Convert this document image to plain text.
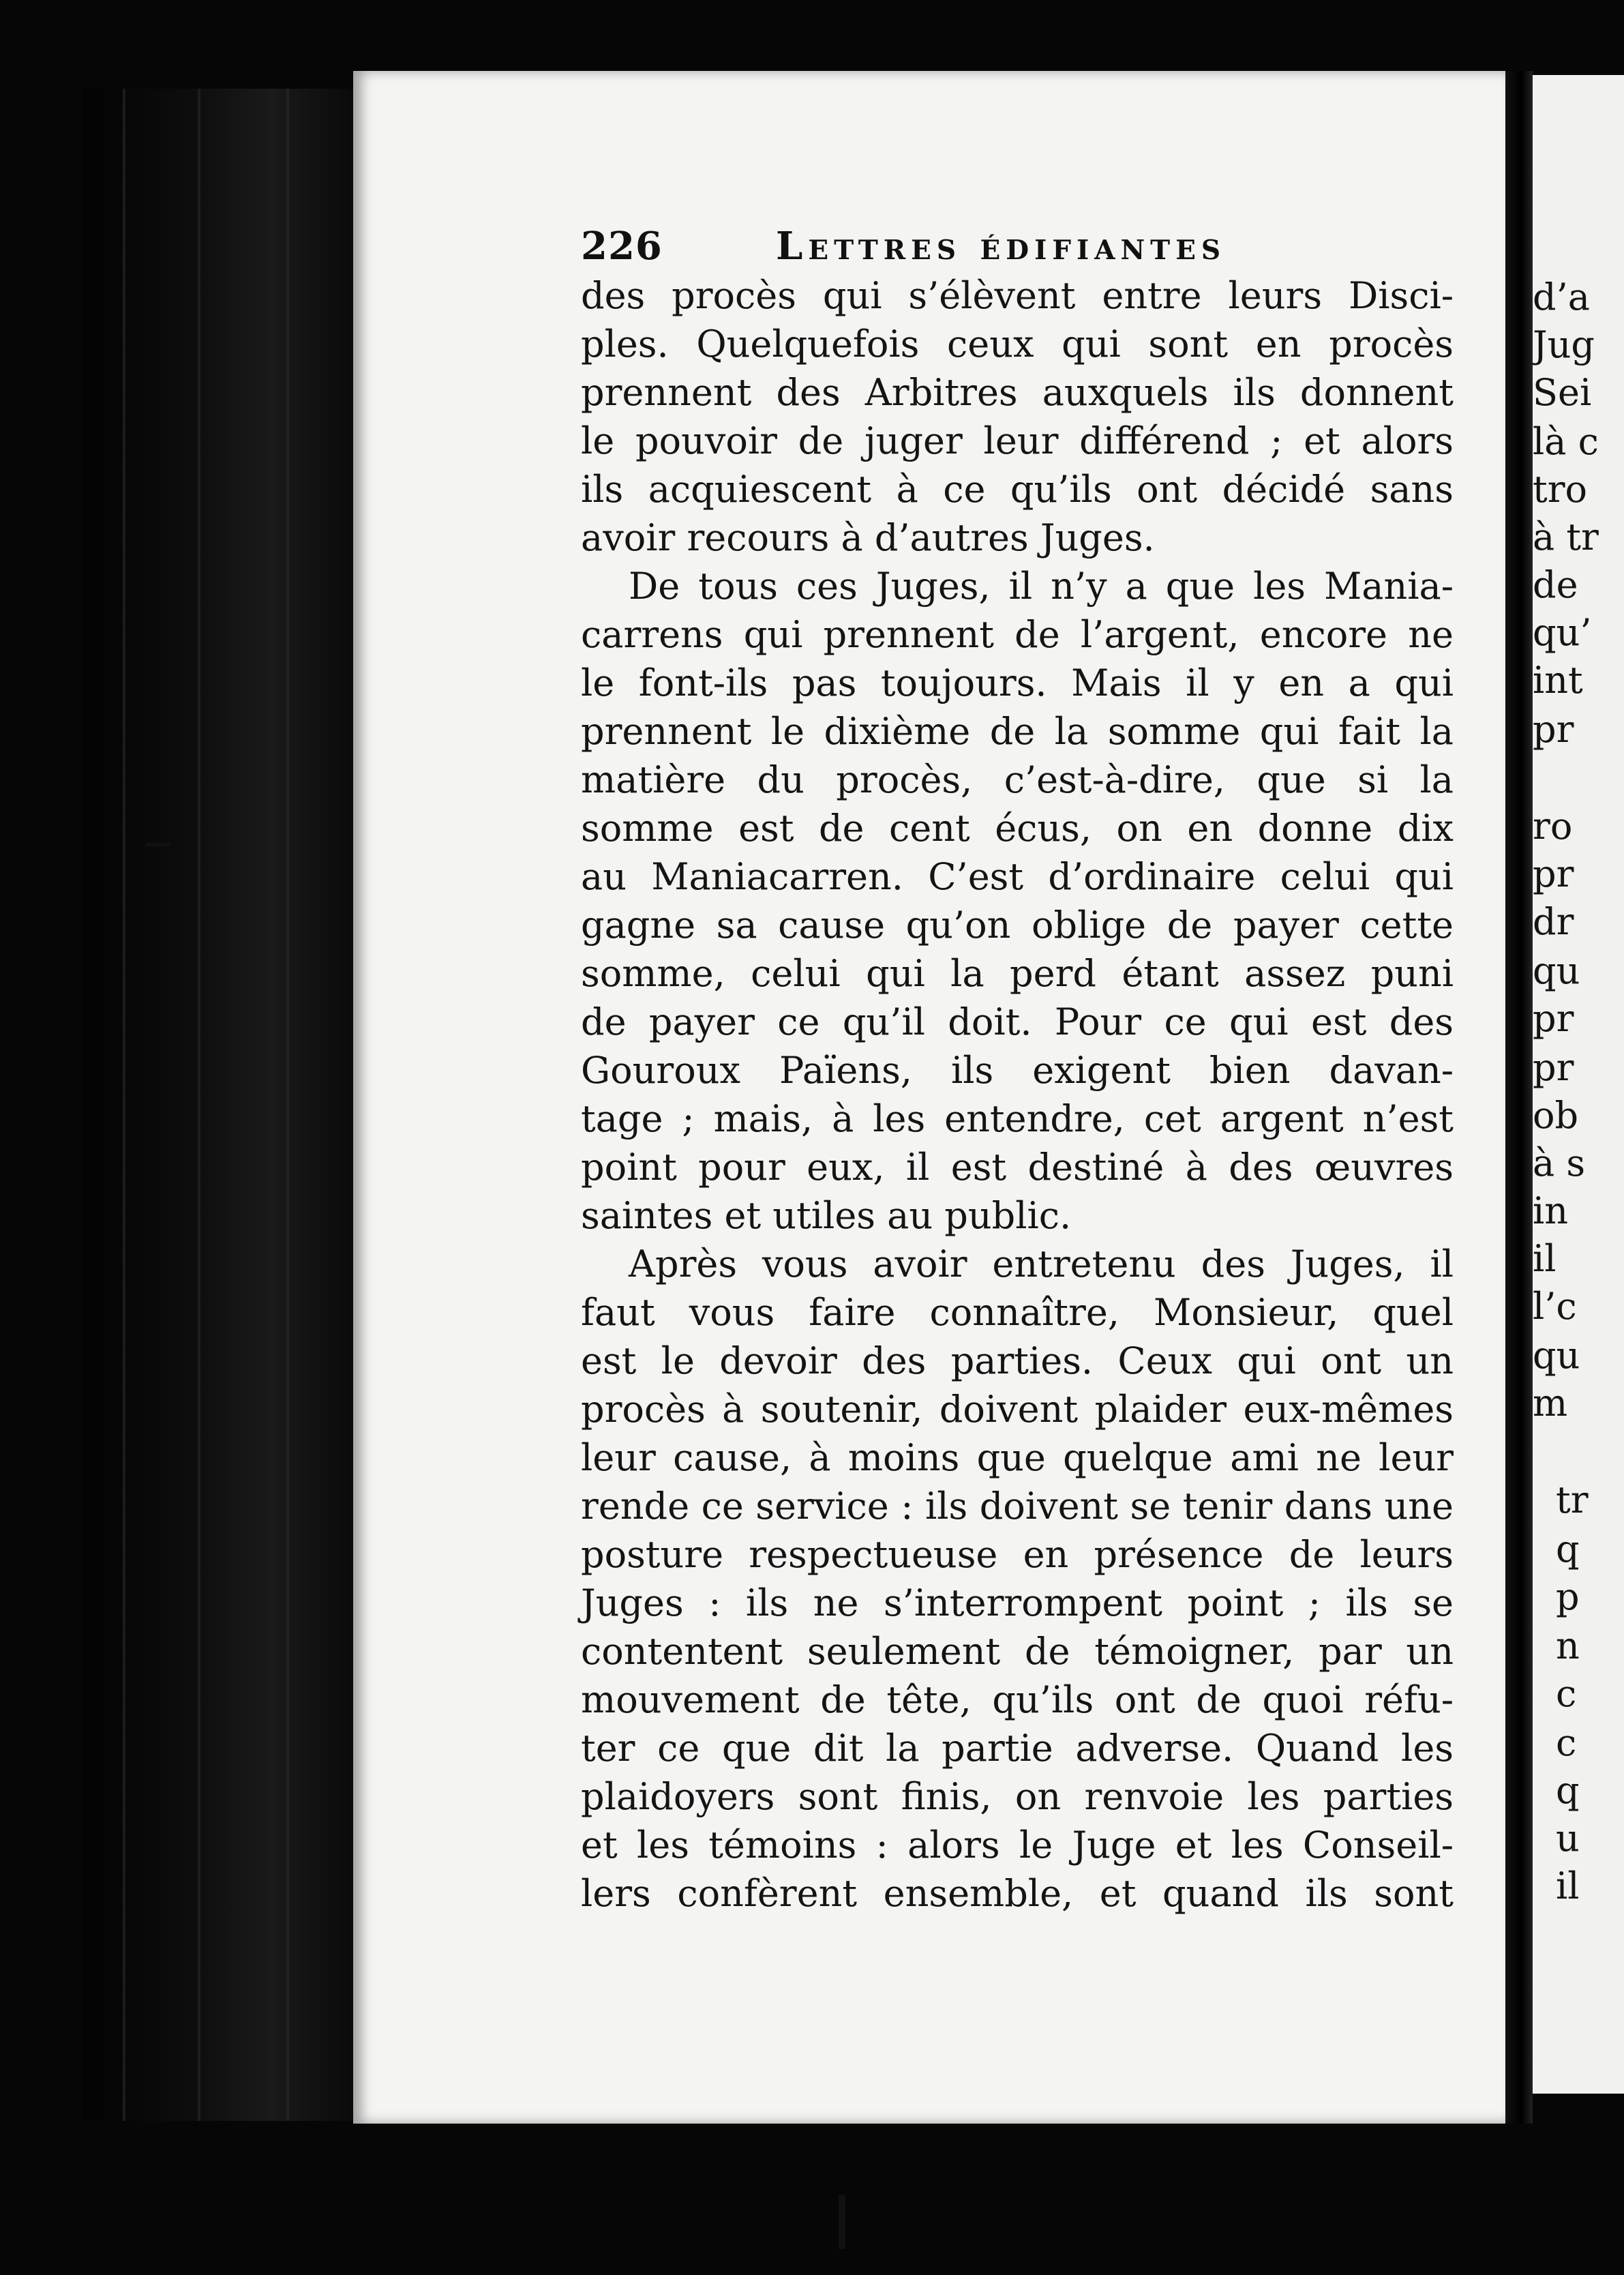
d’a
Jug
Sei
là c
tro
à tr
de
qu’
int
pr
ro
pr
dr
qu
pr
pr
ob
à s
in
il
l’c
qu
m
tr
q
p
n
c
c
q
u
il
226	Lettres édifiantes
des procès qui s’élèvent entre leurs Disci-
ples. Quelquefois ceux qui sont en procès
prennent des Arbitres auxquels ils donnent
le pouvoir de juger leur différend ; et alors
ils acquiescent à ce qu’ils ont décidé sans
avoir recours à d’autres Juges.
De tous ces Juges, il n’y a que les Mania-
carrens qui prennent de l’argent, encore ne
le font-ils pas toujours. Mais il y en a qui
prennent le dixième de la somme qui fait la
matière du procès, c’est-à-dire, que si la
somme est de cent écus, on en donne dix
au Maniacarren. C’est d’ordinaire celui qui
gagne sa cause qu’on oblige de payer cette
somme, celui qui la perd étant assez puni
de payer ce qu’il doit. Pour ce qui est des
Gouroux Païens, ils exigent bien davan-
tage ; mais, à les entendre, cet argent n’est
point pour eux, il est destiné à des œuvres
saintes et utiles au public.
Après vous avoir entretenu des Juges, il
faut vous faire connaître, Monsieur, quel
est le devoir des parties. Ceux qui ont un
procès à soutenir, doivent plaider eux-mêmes
leur cause, à moins que quelque ami ne leur
rende ce service : ils doivent se tenir dans une
posture respectueuse en présence de leurs
Juges : ils ne s’interrompent point ; ils se
contentent seulement de témoigner, par un
mouvement de tête, qu’ils ont de quoi réfu-
ter ce que dit la partie adverse. Quand les
plaidoyers sont finis, on renvoie les parties
et les témoins : alors le Juge et les Conseil-
lers confèrent ensemble, et quand ils sont
